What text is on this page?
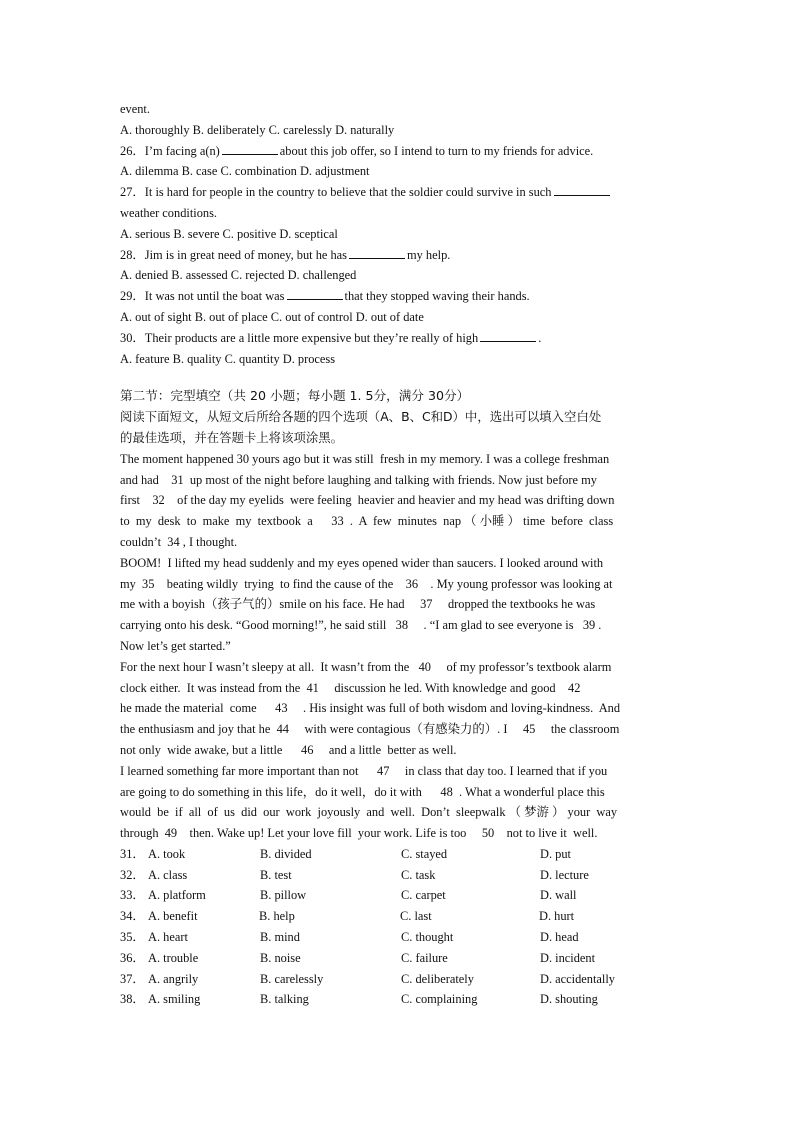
event.
A. thoroughly B. deliberately C. carelessly D. naturally
26．I’m facing a(n)	about this job offer, so I intend to turn to my friends for advice.
A. dilemma B. case C. combination D. adjustment
27．It is hard for people in the country to believe that the soldier could survive in such
weather conditions.
A. serious B. severe C. positive D. sceptical
28．Jim is in great need of money, but he has	my help.
A. denied B. assessed C. rejected D. challenged
29．It was not until the boat was	that they stopped waving their hands.
A. out of sight B. out of place C. out of control D. out of date
30．Their products are a little more expensive but they’re really of high	.
A. feature B. quality C. quantity D. process
第二节：完型填空（共 20 小题；每小题 1. 5分，满分 30分）
阅读下面短文，从短文后所给各题的四个选项（A、B、C和D）中，选出可以填入空白处
的最佳选项，并在答题卡上将该项涂黑。
The moment happened 30 yours ago but it was still  fresh in my memory. I was a college freshman
and had    31  up most of the night before laughing and talking with friends. Now just before my
first    32    of the day my eyelids  were feeling  heavier and heavier and my head was drifting down
to  my  desk  to  make  my  textbook  a      33  .  A  few  minutes  nap （ 小睡 ） time  before  class
couldn’t  34 , I thought.
BOOM!  I lifted my head suddenly and my eyes opened wider than saucers. I looked around with
my  35    beating wildly  trying  to find the cause of the    36    . My young professor was looking at
me with a boyish（孩子气的）smile on his face. He had     37     dropped the textbooks he was
carrying onto his desk. “Good morning!”, he said still   38     . “I am glad to see everyone is   39 .
Now let’s get started.”
For the next hour I wasn’t sleepy at all.  It wasn’t from the   40     of my professor’s textbook alarm
clock either.  It was instead from the  41     discussion he led. With knowledge and good    42
he made the material  come      43     . His insight was full of both wisdom and loving-kindness.  And
the enthusiasm and joy that he  44     with were contagious（有感染力的）. I     45     the classroom
not only  wide awake, but a little      46     and a little  better as well.
I learned something far more important than not      47     in class that day too. I learned that if you
are going to do something in this life，do it well，do it with      48  . What a wonderful place this
would  be  if  all  of  us  did  our  work  joyously  and  well.  Don’t  sleepwalk （ 梦游 ） your  way
through  49    then. Wake up! Let your love fill  your work. Life is too     50    not to live it  well.
31． A. took	B. divided	C. stayed	D. put
32． A. class	B. test	C. task	D. lecture
33． A. platform	B. pillow	C. carpet	D. wall
34． A. benefit	B. help	C. last	D. hurt
35． A. heart	B. mind	C. thought	D. head
36． A. trouble	B. noise	C. failure	D. incident
37． A. angrily	B. carelessly	C. deliberately	D. accidentally
38． A. smiling	B. talking	C. complaining	D. shouting
